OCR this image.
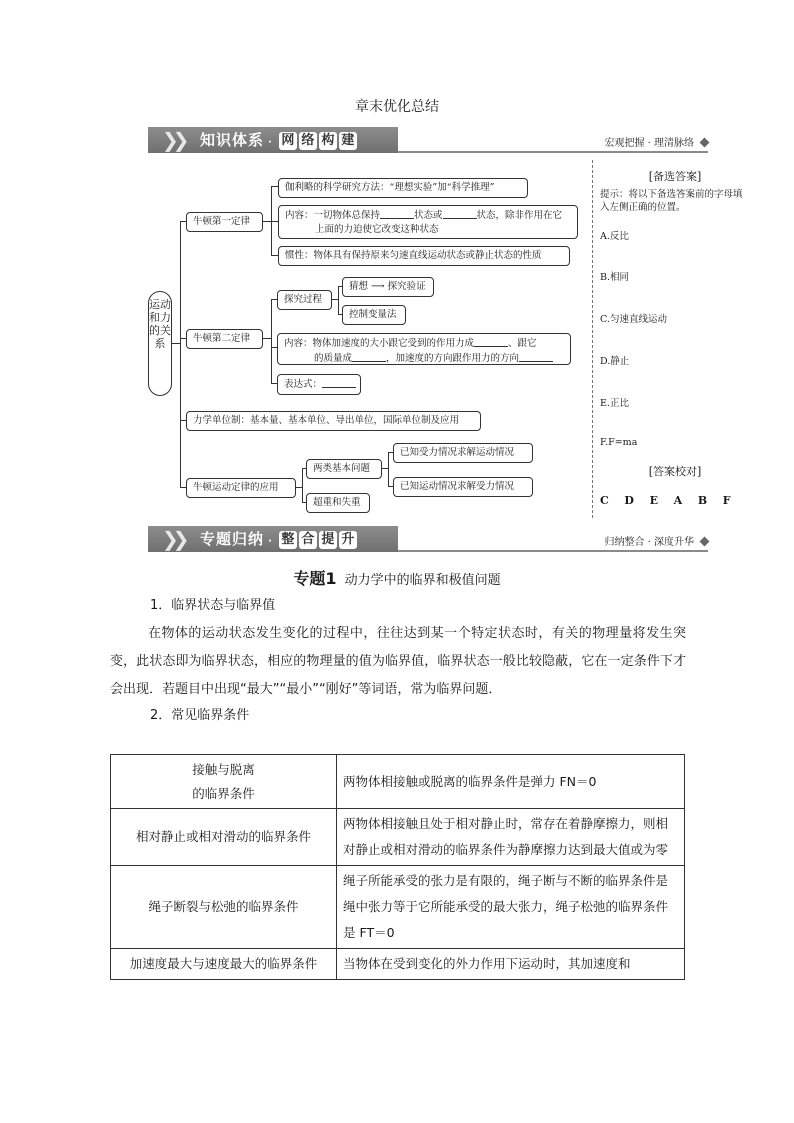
章末优化总结
❯❯ 知识体系 · 网 络 构 建	宏观把握 · 理清脉络
运动和力的关系
牛顿第一定律
伽利略的科学研究方法：“理想实验”加“科学推理”
内容：一切物体总保持	状态或	状态，除非作用在它
上面的力迫使它改变这种状态
惯性：物体具有保持原来匀速直线运动状态或静止状态的性质
牛顿第二定律
探究过程
猜想 ⟶ 探究验证
控制变量法
内容：物体加速度的大小跟它受到的作用力成	、跟它
的质量成	，加速度的方向跟作用力的方向
表达式：
力学单位制：基本量、基本单位、导出单位，国际单位制及应用
牛顿运动定律的应用
两类基本问题
已知受力情况求解运动情况
已知运动情况求解受力情况
超重和失重
[备选答案]
提示：将以下备选答案前的字母填入左侧正确的位置。
A.反比
B.相同
C.匀速直线运动
D.静止
E.正比
F.F=ma
[答案校对]
C  D  E  A  B  F
❯❯ 专题归纳 · 整 合 提 升	归纳整合 · 深度升华
专题1 动力学中的临界和极值问题
1．临界状态与临界值
在物体的运动状态发生变化的过程中，往往达到某一个特定状态时，有关的物理量将发生突变，此状态即为临界状态，相应的物理量的值为临界值，临界状态一般比较隐蔽，它在一定条件下才会出现．若题目中出现“最大”“最小”“刚好”等词语，常为临界问题．
2．常见临界条件
接触与脱离
的临界条件	两物体相接触或脱离的临界条件是弹力 FN＝0
相对静止或相对滑动的临界条件	两物体相接触且处于相对静止时，常存在着静摩擦力，则相对静止或相对滑动的临界条件为静摩擦力达到最大值或为零
绳子断裂与松弛的临界条件	绳子所能承受的张力是有限的，绳子断与不断的临界条件是绳中张力等于它所能承受的最大张力，绳子松弛的临界条件是 FT＝0
加速度最大与速度最大的临界条件	当物体在受到变化的外力作用下运动时，其加速度和
